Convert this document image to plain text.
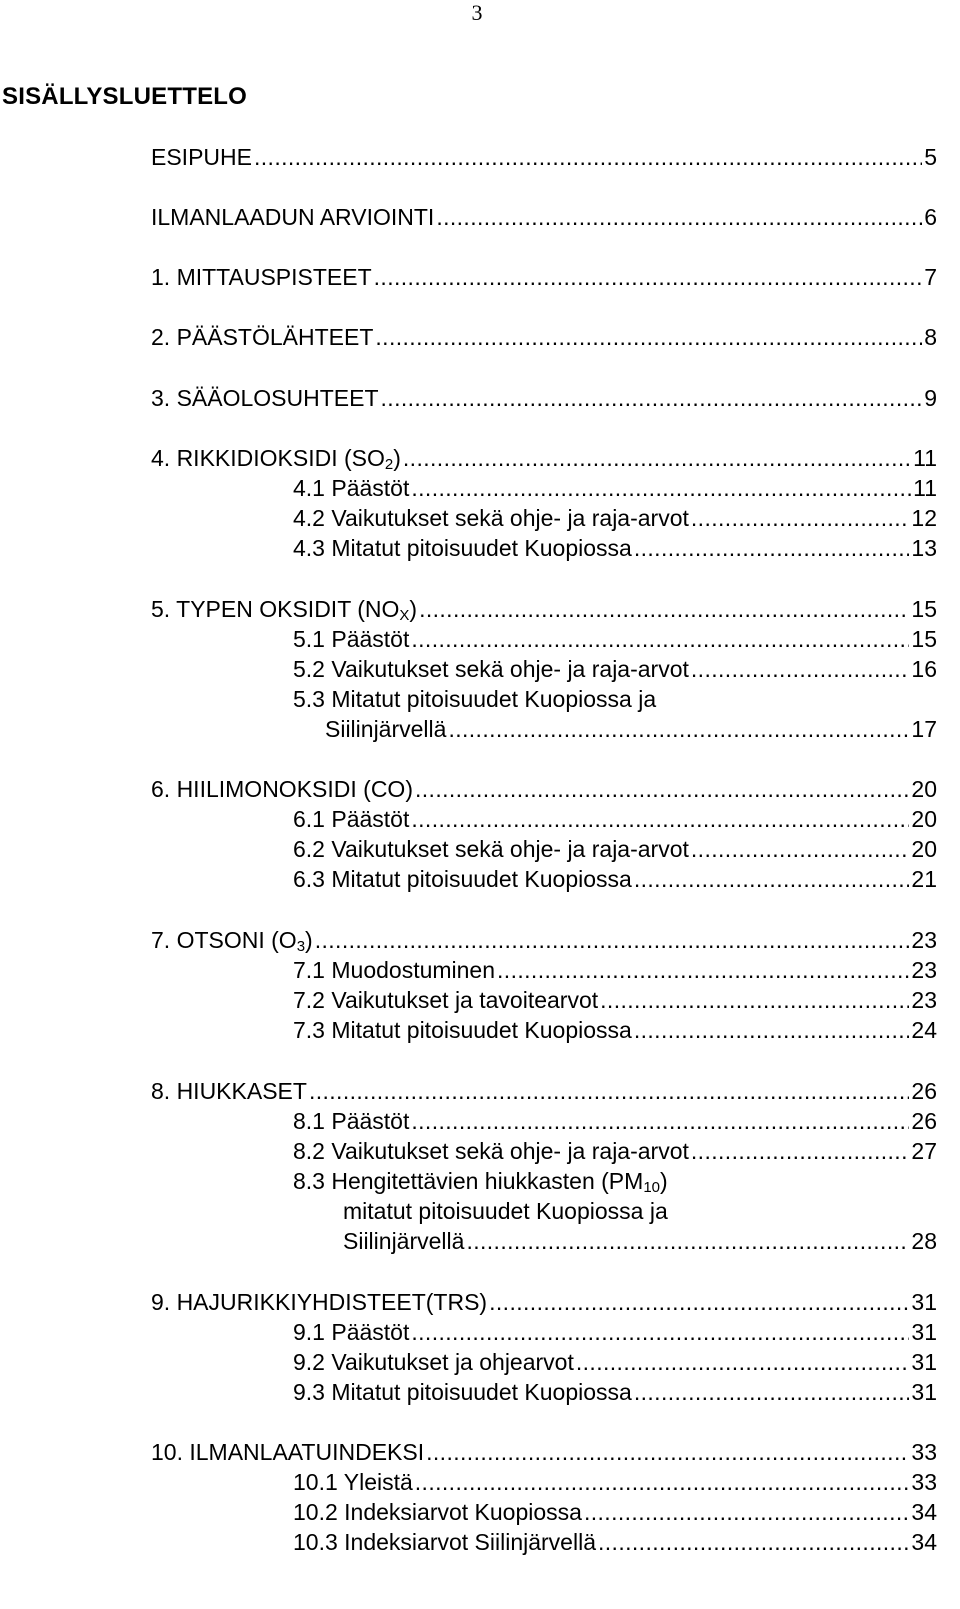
3
SISÄLLYSLUETTELO
ESIPUHE . . .	5
ILMANLAADUN ARVIOINTI . . .	6
1. MITTAUSPISTEET . . .	7
2. PÄÄSTÖLÄHTEET . . .	8
3. SÄÄOLOSUHTEET . . .	9
4. RIKKIDIOKSIDI $(SO_2)$ . . .	11
4.1 Päästöt . . .	11
4.2 Vaikutukset sekä ohje- ja raja-arvot . . .	12
4.3 Mitatut pitoisuudet Kuopiossa . . .	13
5. TYPEN OKSIDIT $(NO_X)$ . . .	15
5.1 Päästöt . . .	15
5.2 Vaikutukset sekä ohje- ja raja-arvot . . .	16
5.3 Mitatut pitoisuudet Kuopiossa ja
Siilinjärvellä . . .	17
6. HIILIMONOKSIDI (CO) . . .	20
6.1 Päästöt . . .	20
6.2 Vaikutukset sekä ohje- ja raja-arvot . . .	20
6.3 Mitatut pitoisuudet Kuopiossa . . .	21
7. OTSONI $(O_3)$ . . .	23
7.1 Muodostuminen . . .	23
7.2 Vaikutukset ja tavoitearvot . . .	23
7.3 Mitatut pitoisuudet Kuopiossa . . .	24
8. HIUKKASET . . .	26
8.1 Päästöt . . .	26
8.2 Vaikutukset sekä ohje- ja raja-arvot . . .	27
8.3 Hengitettävien hiukkasten $(PM_{10})$
mitatut pitoisuudet Kuopiossa ja
Siilinjärvellä . . .	28
9. HAJURIKKIYHDISTEET(TRS) . . .	31
9.1 Päästöt . . .	31
9.2 Vaikutukset ja ohjearvot . . .	31
9.3 Mitatut pitoisuudet Kuopiossa . . .	31
10. ILMANLAATUINDEKSI . . .	33
10.1 Yleistä . . .	33
10.2 Indeksiarvot Kuopiossa . . .	34
10.3 Indeksiarvot Siilinjärvellä . . .	34
